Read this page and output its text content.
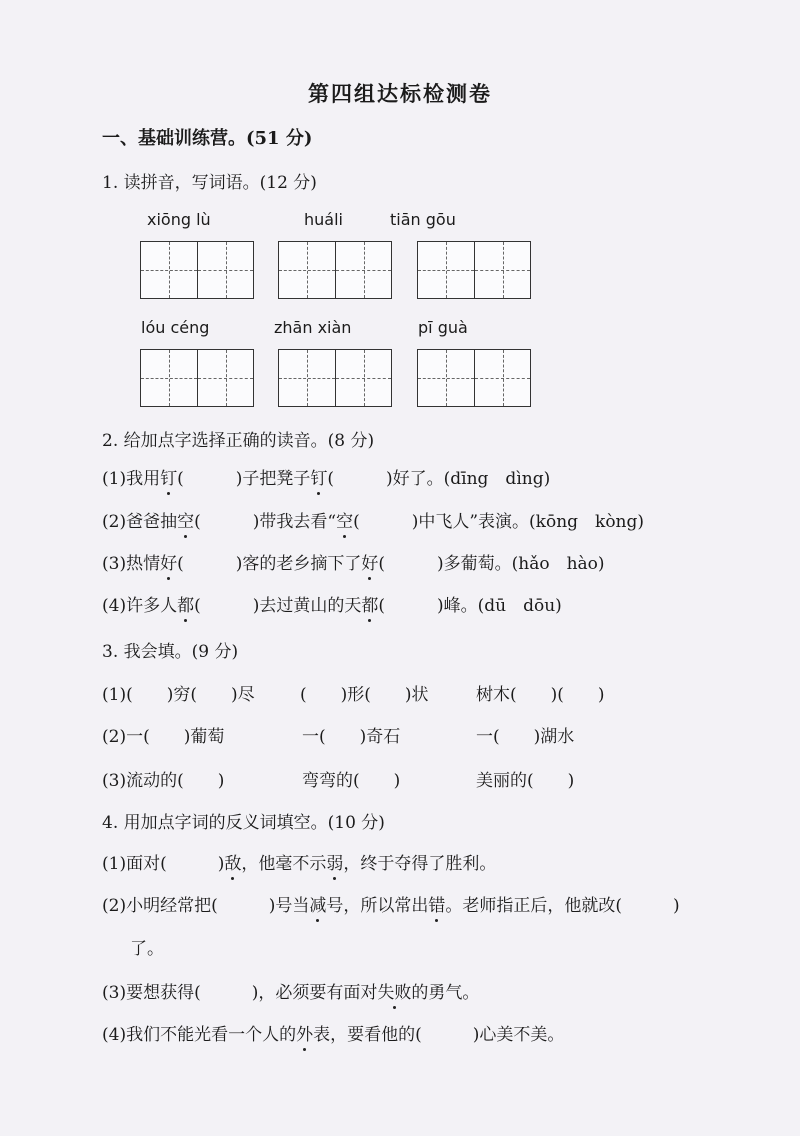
第四组达标检测卷
一、基础训练营。(51 分)
1. 读拼音，写词语。(12 分)
xiōng lù	huáli	tiān gōu
lóu céng	zhān xiàn	pī guà
2. 给加点字选择正确的读音。(8 分)
(1)我用钉(	)子把凳子钉(	)好了。(dīng　dìng)
(2)爸爸抽空(	)带我去看“空(	)中飞人”表演。(kōng　kòng)
(3)热情好(	)客的老乡摘下了好(	)多葡萄。(hǎo　hào)
(4)许多人都(	)去过黄山的天都(	)峰。(dū　dōu)
3. 我会填。(9 分)
(1)(　　)穷(　　)尽	(　　)形(　　)状	树木(　　)(　　)
(2)一(　　)葡萄	一(　　)奇石	一(　　)湖水
(3)流动的(　　)	弯弯的(　　)	美丽的(　　)
4. 用加点字词的反义词填空。(10 分)
(1)面对(　　　)敌，他毫不示弱，终于夺得了胜利。
(2)小明经常把(　　　)号当减号，所以常出错。老师指正后，他就改(　　　)
了。
(3)要想获得(　　　)，必须要有面对失败的勇气。
(4)我们不能光看一个人的外表，要看他的(　　　)心美不美。
